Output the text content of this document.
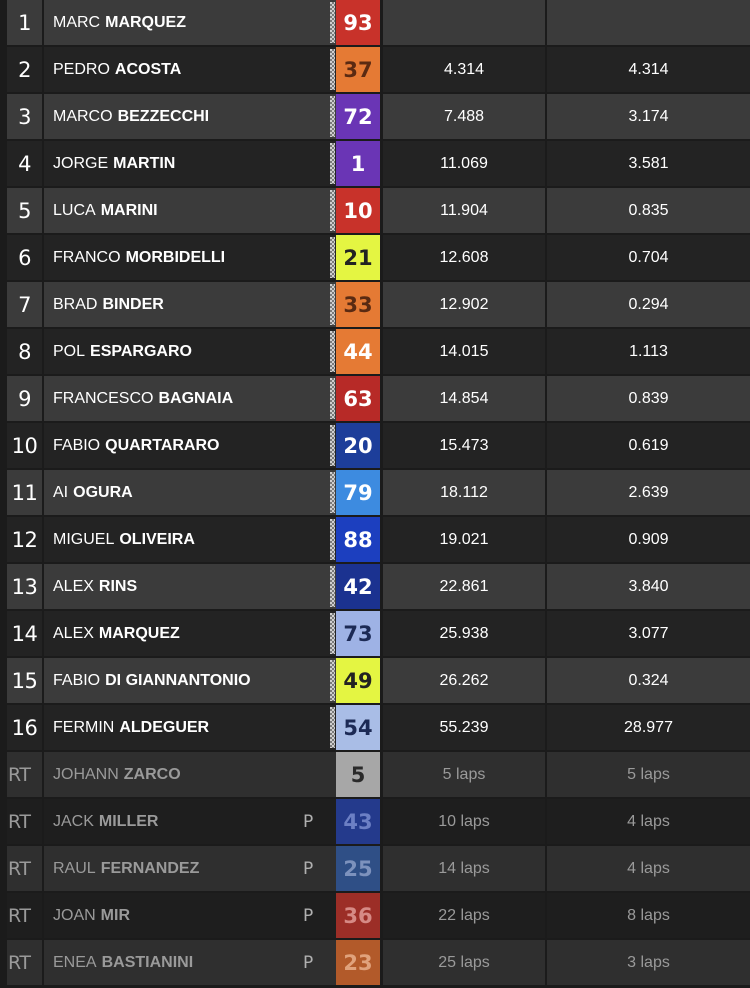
1	MARC MARQUEZ	93
2	PEDRO ACOSTA	37	4.314	4.314
3	MARCO BEZZECCHI	72	7.488	3.174
4	JORGE MARTIN	1	11.069	3.581
5	LUCA MARINI	10	11.904	0.835
6	FRANCO MORBIDELLI	21	12.608	0.704
7	BRAD BINDER	33	12.902	0.294
8	POL ESPARGARO	44	14.015	1.113
9	FRANCESCO BAGNAIA	63	14.854	0.839
10 FABIO QUARTARARO	20	15.473	0.619
11 AI OGURA	79	18.112	2.639
12 MIGUEL OLIVEIRA	88	19.021	0.909
13 ALEX RINS	42	22.861	3.840
14 ALEX MARQUEZ	73	25.938	3.077
15 FABIO DI GIANNANTONIO	49	26.262	0.324
16 FERMIN ALDEGUER	54	55.239	28.977
RT	JOHANN ZARCO	5	5 laps	5 laps
RT	JACK MILLER	P	43	10 laps	4 laps
RT	RAUL FERNANDEZ	P	25	14 laps	4 laps
RT	JOAN MIR	P	36	22 laps	8 laps
RT	ENEA BASTIANINI	P	23	25 laps	3 laps
